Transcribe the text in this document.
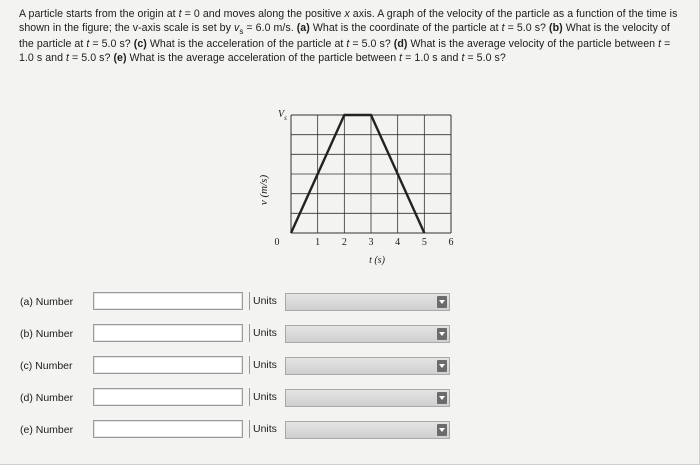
A particle starts from the origin at t = 0 and moves along the positive x axis. A graph of the velocity of the particle as a function of the time is shown in the figure; the v-axis scale is set by $v_s = 6.0$ m/s. (a) What is the coordinate of the particle at t = 5.0 s? (b) What is the velocity of the particle at t = 5.0 s? (c) What is the acceleration of the particle at t = 5.0 s? (d) What is the average velocity of the particle between t = 1.0 s and t = 5.0 s? (e) What is the average acceleration of the particle between t = 1.0 s and t = 5.0 s?
$V_s$
v (m/s)
0	1 2 3 4 5 6
t (s)
(a) Number	Units
(b) Number	Units
(c) Number	Units
(d) Number	Units
(e) Number	Units
